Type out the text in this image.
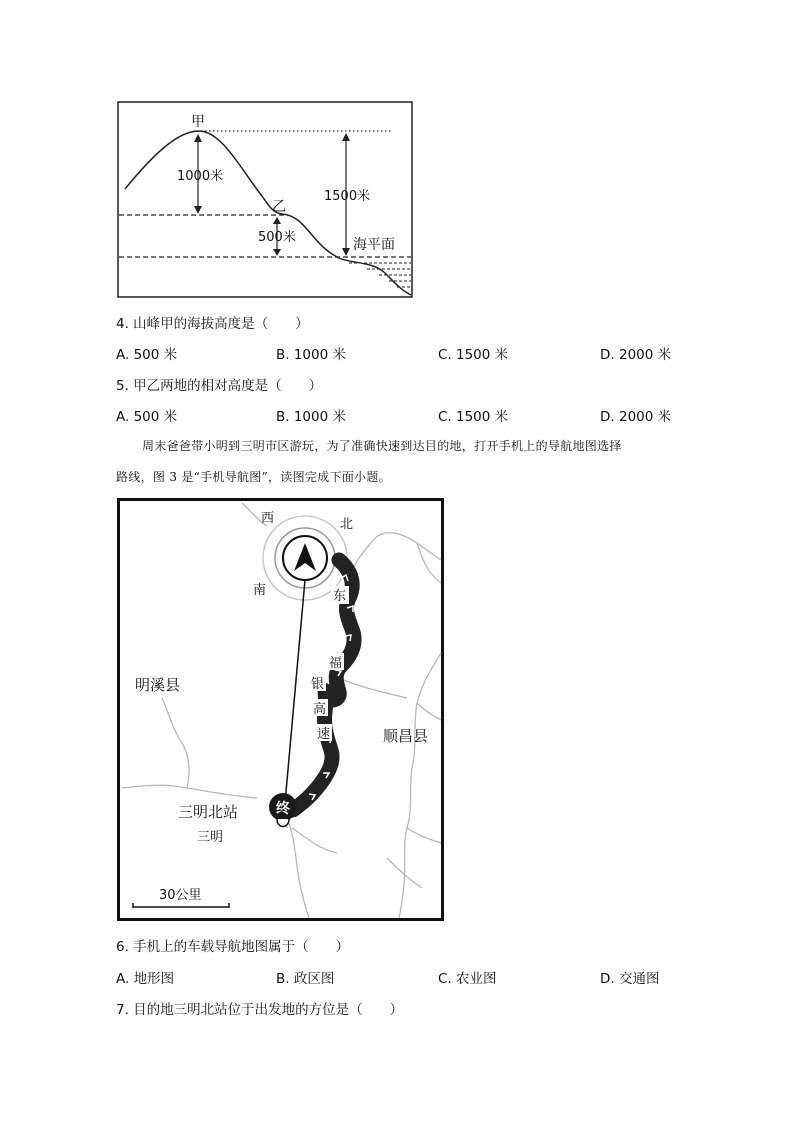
甲
乙
1000米
500米
1500米
海平面
4. 山峰甲的海拔高度是（　　）
A. 500 米	B. 1000 米	C. 1500 米	D. 2000 米
5. 甲乙两地的相对高度是（　　）
A. 500 米	B. 1000 米	C. 1500 米	D. 2000 米
周末爸爸带小明到三明市区游玩，为了准确快速到达目的地，打开手机上的导航地图选择
路线，图 3 是“手机导航图”，读图完成下面小题。
终
西	北
南	东
福
银
高
速
明溪县
顺昌县
三明北站
三明
30公里
6. 手机上的车载导航地图属于（　　）
A. 地形图	B. 政区图	C. 农业图	D. 交通图
7. 目的地三明北站位于出发地的方位是（　　）
